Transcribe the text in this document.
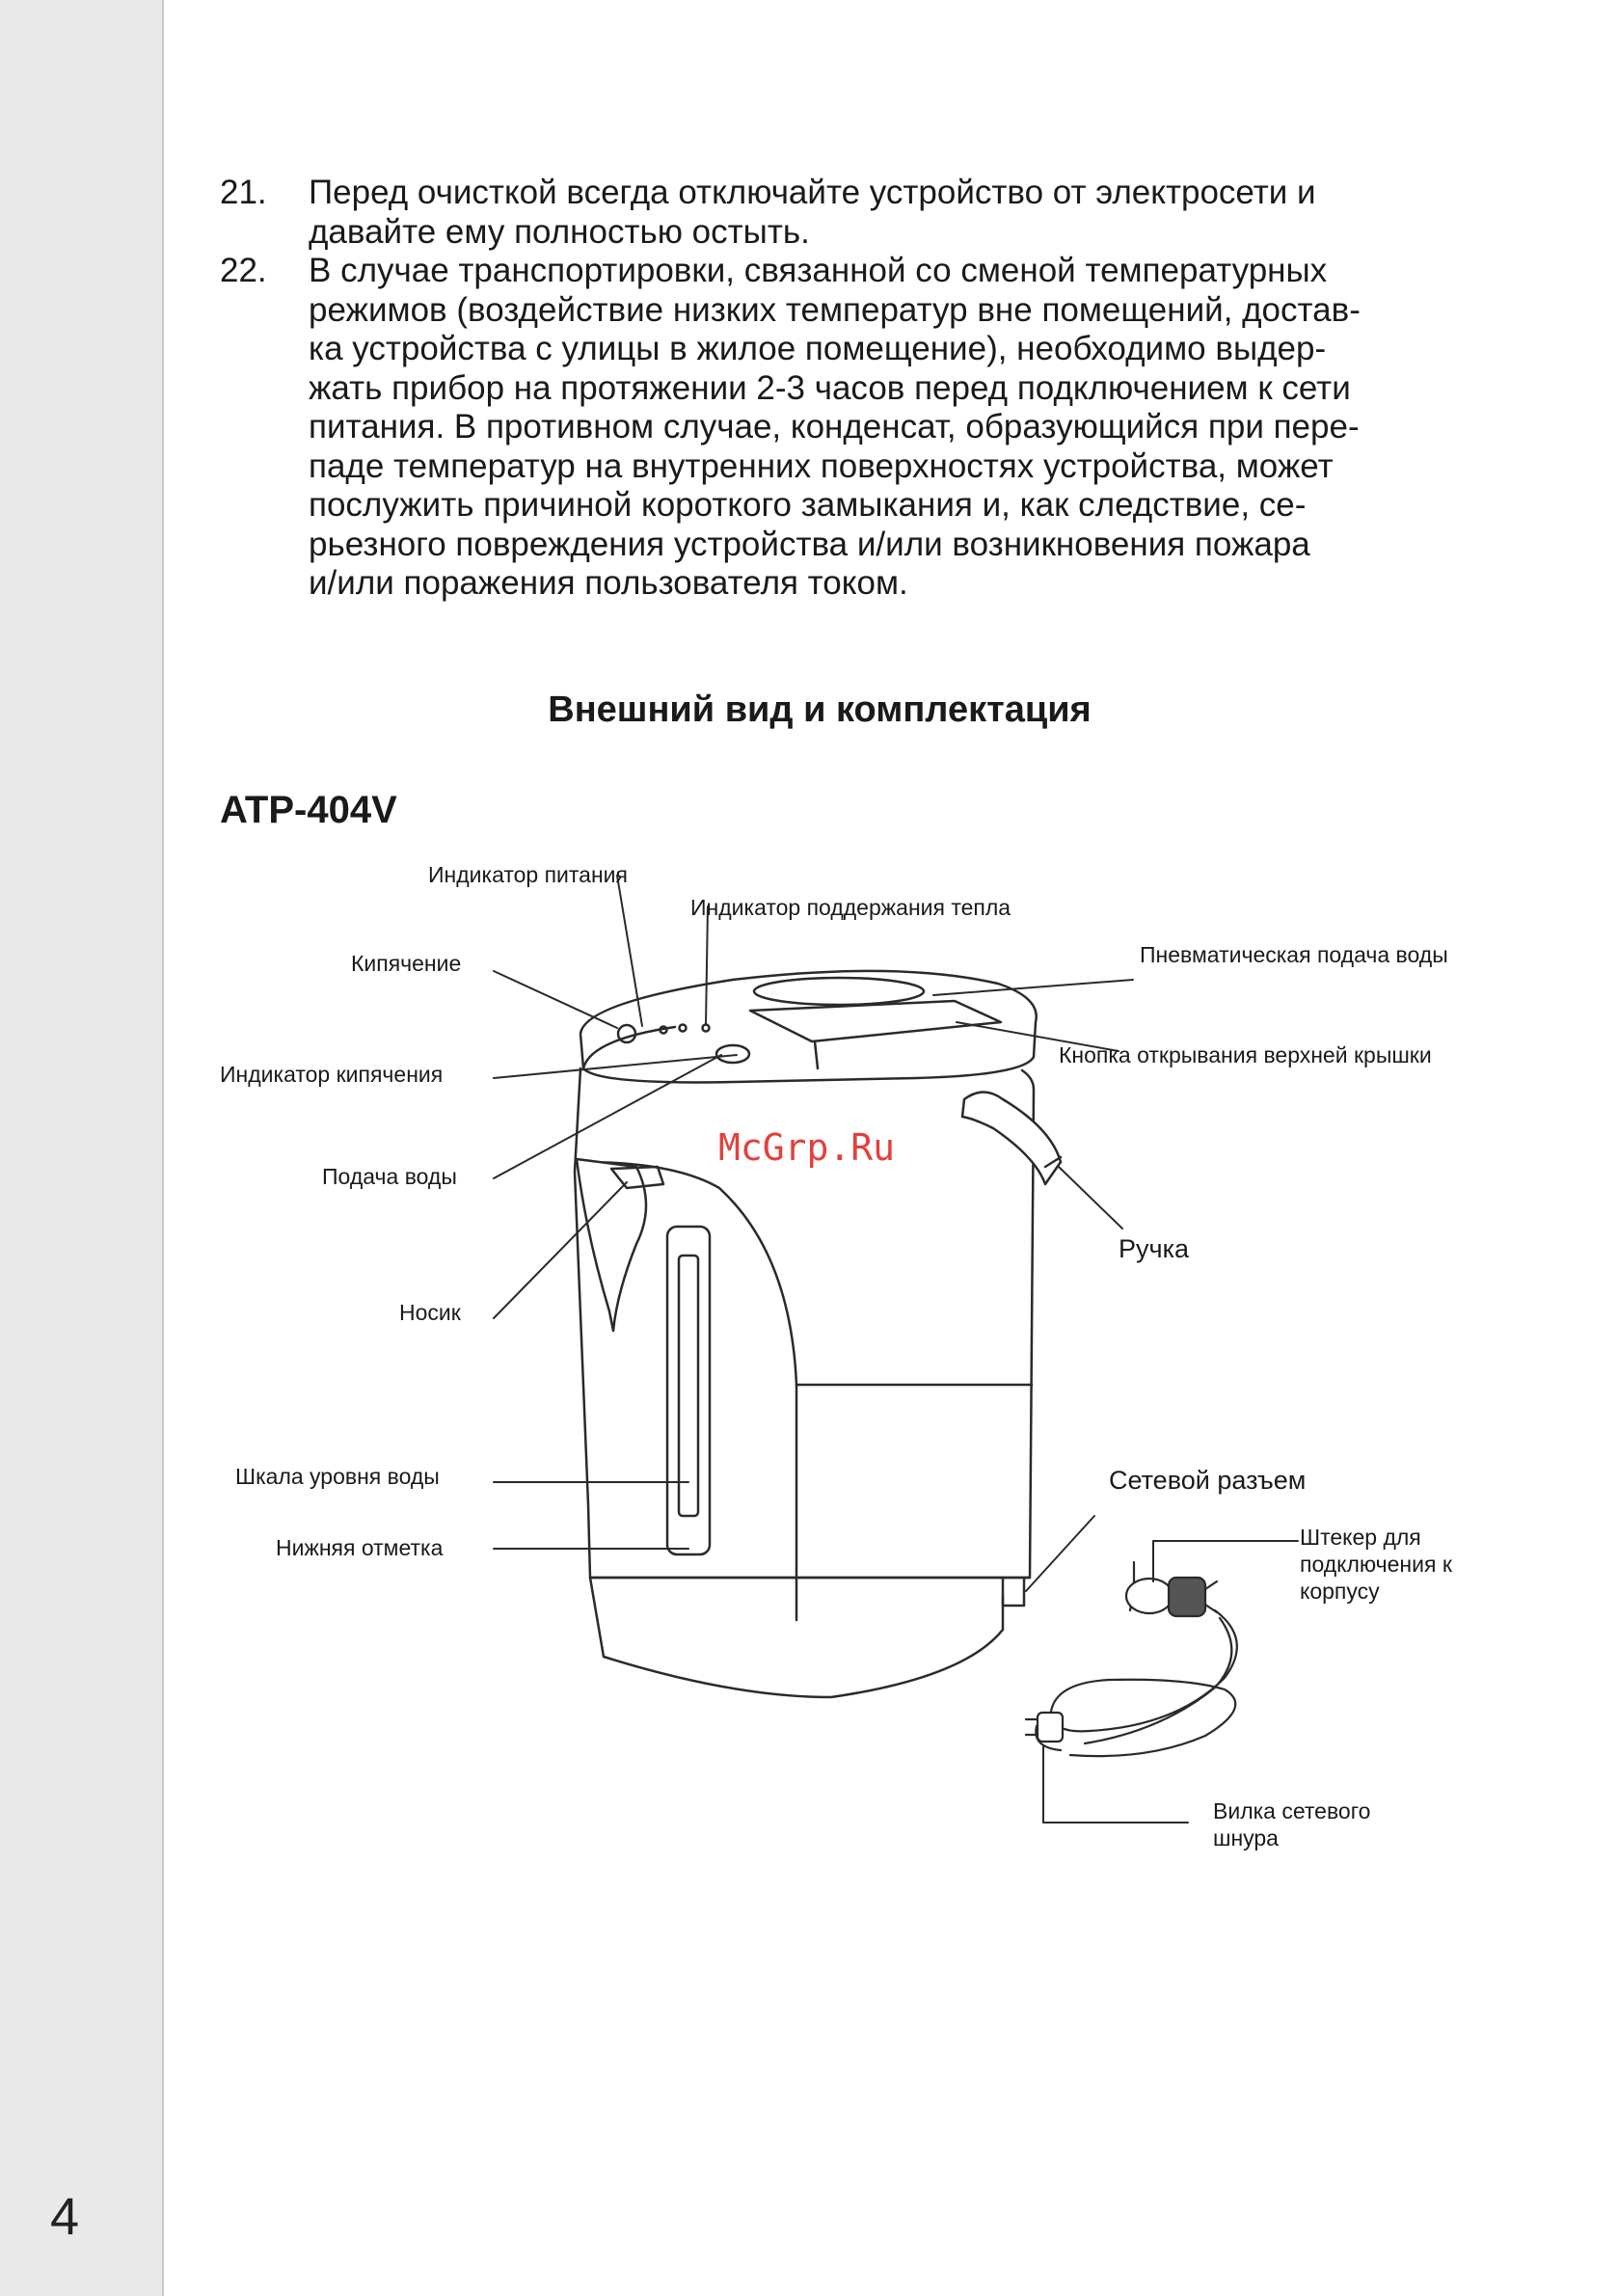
4
21. Перед очисткой всегда отключайте устройство от электросети и
давайте ему полностью остыть.
22. В случае транспортировки, связанной со сменой температурных
режимов (воздействие низких температур вне помещений, достав-
ка устройства с улицы в жилое помещение), необходимо выдер-
жать прибор на протяжении 2-3 часов перед подключением к сети
питания. В противном случае, конденсат, образующийся при пере-
паде температур на внутренних поверхностях устройства, может
послужить причиной короткого замыкания и, как следствие, се-
рьезного повреждения устройства и/или возникновения пожара
и/или поражения пользователя током.
Внешний вид и комплектация
ATP-404V
McGrp.Ru
Индикатор питания
Индикатор поддержания тепла
Кипячение	Пневматическая подача воды
Кнопка открывания верхней крышки
Индикатор кипячения
Подача воды
Ручка
Носик
Шкала уровня воды
Нижняя отметка
Сетевой разъем
Штекер для
подключения к
корпусу
Вилка сетевого
шнура
